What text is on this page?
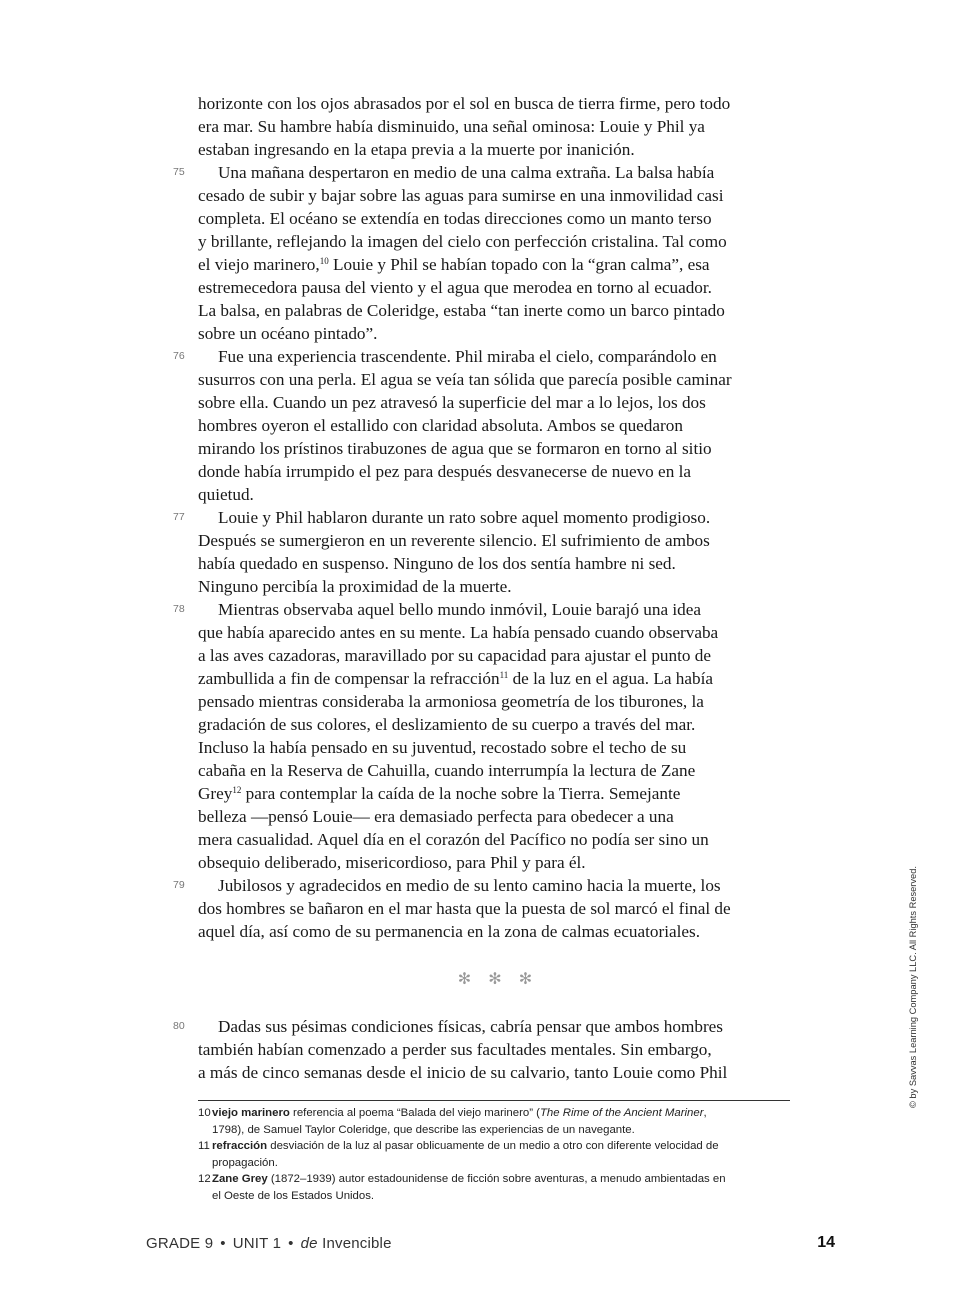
horizonte con los ojos abrasados por el sol en busca de tierra firme, pero todo
era mar. Su hambre había disminuido, una señal ominosa: Louie y Phil ya
estaban ingresando en la etapa previa a la muerte por inanición.
75	Una mañana despertaron en medio de una calma extraña. La balsa había
cesado de subir y bajar sobre las aguas para sumirse en una inmovilidad casi
completa. El océano se extendía en todas direcciones como un manto terso
y brillante, reflejando la imagen del cielo con perfección cristalina. Tal como
el viejo marinero,$^{10}$ Louie y Phil se habían topado con la “gran calma”, esa
estremecedora pausa del viento y el agua que merodea en torno al ecuador.
La balsa, en palabras de Coleridge, estaba “tan inerte como un barco pintado
sobre un océano pintado”.
76	Fue una experiencia trascendente. Phil miraba el cielo, comparándolo en
susurros con una perla. El agua se veía tan sólida que parecía posible caminar
sobre ella. Cuando un pez atravesó la superficie del mar a lo lejos, los dos
hombres oyeron el estallido con claridad absoluta. Ambos se quedaron
mirando los prístinos tirabuzones de agua que se formaron en torno al sitio
donde había irrumpido el pez para después desvanecerse de nuevo en la
quietud.
77	Louie y Phil hablaron durante un rato sobre aquel momento prodigioso.
Después se sumergieron en un reverente silencio. El sufrimiento de ambos
había quedado en suspenso. Ninguno de los dos sentía hambre ni sed.
Ninguno percibía la proximidad de la muerte.
78	Mientras observaba aquel bello mundo inmóvil, Louie barajó una idea
que había aparecido antes en su mente. La había pensado cuando observaba
a las aves cazadoras, maravillado por su capacidad para ajustar el punto de
zambullida a fin de compensar la refracción$^{11}$ de la luz en el agua. La había
pensado mientras consideraba la armoniosa geometría de los tiburones, la
gradación de sus colores, el deslizamiento de su cuerpo a través del mar.
Incluso la había pensado en su juventud, recostado sobre el techo de su
cabaña en la Reserva de Cahuilla, cuando interrumpía la lectura de Zane
Grey$^{12}$ para contemplar la caída de la noche sobre la Tierra. Semejante
belleza —pensó Louie— era demasiado perfecta para obedecer a una
mera casualidad. Aquel día en el corazón del Pacífico no podía ser sino un
obsequio deliberado, misericordioso, para Phil y para él.
79	Jubilosos y agradecidos en medio de su lento camino hacia la muerte, los
dos hombres se bañaron en el mar hasta que la puesta de sol marcó el final de
aquel día, así como de su permanencia en la zona de calmas ecuatoriales.
✻ ✻ ✻
80	Dadas sus pésimas condiciones físicas, cabría pensar que ambos hombres
también habían comenzado a perder sus facultades mentales. Sin embargo,
a más de cinco semanas desde el inicio de su calvario, tanto Louie como Phil

10 viejo marinero referencia al poema “Balada del viejo marinero” (The Rime of the Ancient Mariner,
1798), de Samuel Taylor Coleridge, que describe las experiencias de un navegante.

11 refracción desviación de la luz al pasar oblicuamente de un medio a otro con diferente velocidad de
propagación.

12 Zane Grey (1872–1939) autor estadounidense de ficción sobre aventuras, a menudo ambientadas en
el Oeste de los Estados Unidos.

© by Savvas Learning Company LLC. All Rights Reserved.
GRADE 9 • UNIT 1 • de Invencible	14
